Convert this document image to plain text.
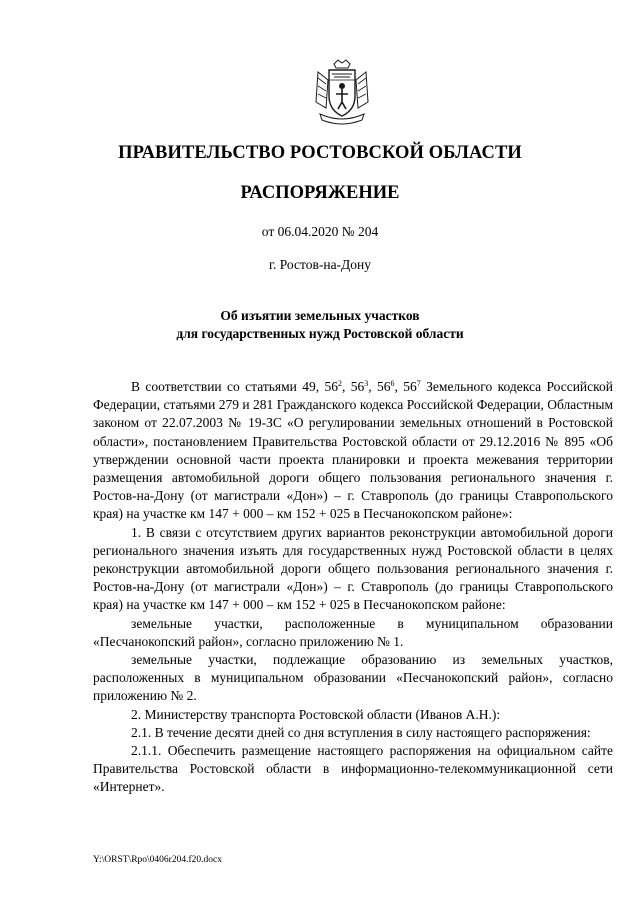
ПРАВИТЕЛЬСТВО РОСТОВСКОЙ ОБЛАСТИ
РАСПОРЯЖЕНИЕ
от 06.04.2020 № 204
г. Ростов-на-Дону
Об изъятии земельных участков
для государственных нужд Ростовской области

В соответствии со статьями 49, $56^2$, $56^3$, $56^6$, $56^7$ Земельного кодекса Российской Федерации, статьями 279 и 281 Гражданского кодекса Российской Федерации, Областным законом от 22.07.2003 № 19-ЗС «О регулировании земельных отношений в Ростовской области», постановлением Правительства Ростовской области от 29.12.2016 № 895 «Об утверждении основной части проекта планировки и проекта межевания территории размещения автомобильной дороги общего пользования регионального значения г. Ростов-на-Дону (от магистрали «Дон») – г. Ставрополь (до границы Ставропольского края) на участке км 147 + 000 – км 152 + 025 в Песчанокопском районе»:

1. В связи с отсутствием других вариантов реконструкции автомобильной дороги регионального значения изъять для государственных нужд Ростовской области в целях реконструкции автомобильной дороги общего пользования регионального значения г. Ростов-на-Дону (от магистрали «Дон») – г. Ставрополь (до границы Ставропольского края) на участке км 147 + 000 – км 152 + 025 в Песчанокопском районе:

земельные участки, расположенные в муниципальном образовании «Песчанокопский район», согласно приложению № 1.

земельные участки, подлежащие образованию из земельных участков, расположенных в муниципальном образовании «Песчанокопский район», согласно приложению № 2.

2. Министерству транспорта Ростовской области (Иванов А.Н.):

2.1. В течение десяти дней со дня вступления в силу настоящего распоряжения:

2.1.1. Обеспечить размещение настоящего распоряжения на официальном сайте Правительства Ростовской области в информационно-телекоммуникационной сети «Интернет».

Y:\ORST\Rpo\0406r204.f20.docx
